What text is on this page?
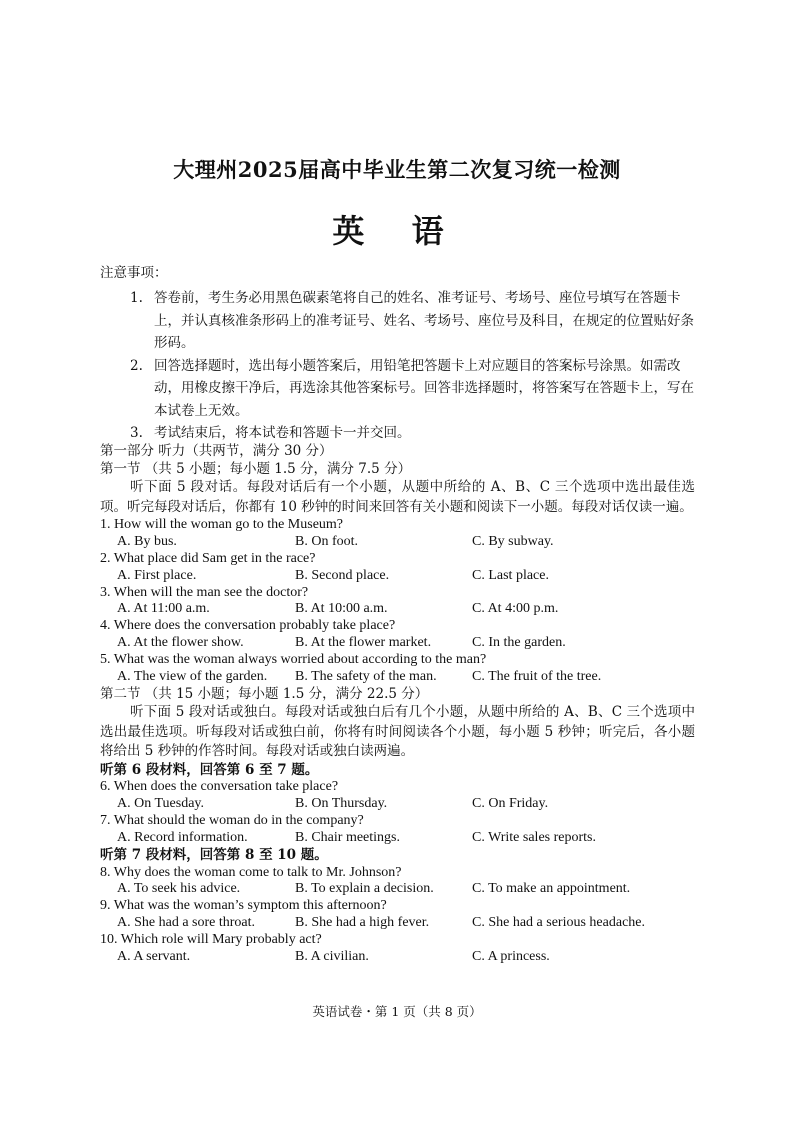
大理州2025届高中毕业生第二次复习统一检测
英 语
注意事项：
1. 答卷前，考生务必用黑色碳素笔将自己的姓名、准考证号、考场号、座位号填写在答题卡上，并认真核准条形码上的准考证号、姓名、考场号、座位号及科目，在规定的位置贴好条形码。
2. 回答选择题时，选出每小题答案后，用铅笔把答题卡上对应题目的答案标号涂黑。如需改动，用橡皮擦干净后，再选涂其他答案标号。回答非选择题时，将答案写在答题卡上，写在本试卷上无效。
3. 考试结束后，将本试卷和答题卡一并交回。
第一部分 听力（共两节，满分 30 分）
第一节 （共 5 小题；每小题 1.5 分，满分 7.5 分）
听下面 5 段对话。每段对话后有一个小题，从题中所给的 A、B、C 三个选项中选出最佳选项。听完每段对话后，你都有 10 秒钟的时间来回答有关小题和阅读下一小题。每段对话仅读一遍。
1. How will the woman go to the Museum?
A. By bus.	B. On foot.	C. By subway.
2. What place did Sam get in the race?
A. First place.	B. Second place.	C. Last place.
3. When will the man see the doctor?
A. At 11:00 a.m.	B. At 10:00 a.m.	C. At 4:00 p.m.
4. Where does the conversation probably take place?
A. At the flower show.	B. At the flower market.	C. In the garden.
5. What was the woman always worried about according to the man?
A. The view of the garden. B. The safety of the man.	C. The fruit of the tree.
第二节 （共 15 小题；每小题 1.5 分，满分 22.5 分）
听下面 5 段对话或独白。每段对话或独白后有几个小题，从题中所给的 A、B、C 三个选项中选出最佳选项。听每段对话或独白前，你将有时间阅读各个小题，每小题 5 秒钟；听完后，各小题将给出 5 秒钟的作答时间。每段对话或独白读两遍。
听第 6 段材料，回答第 6 至 7 题。
6. When does the conversation take place?
A. On Tuesday.	B. On Thursday.	C. On Friday.
7. What should the woman do in the company?
A. Record information.	B. Chair meetings.	C. Write sales reports.
听第 7 段材料，回答第 8 至 10 题。
8. Why does the woman come to talk to Mr. Johnson?
A. To seek his advice.	B. To explain a decision.	C. To make an appointment.
9. What was the woman’s symptom this afternoon?
A. She had a sore throat.	B. She had a high fever.	C. She had a serious headache.
10. Which role will Mary probably act?
A. A servant.	B. A civilian.	C. A princess.
英语试卷・第 1 页（共 8 页）
